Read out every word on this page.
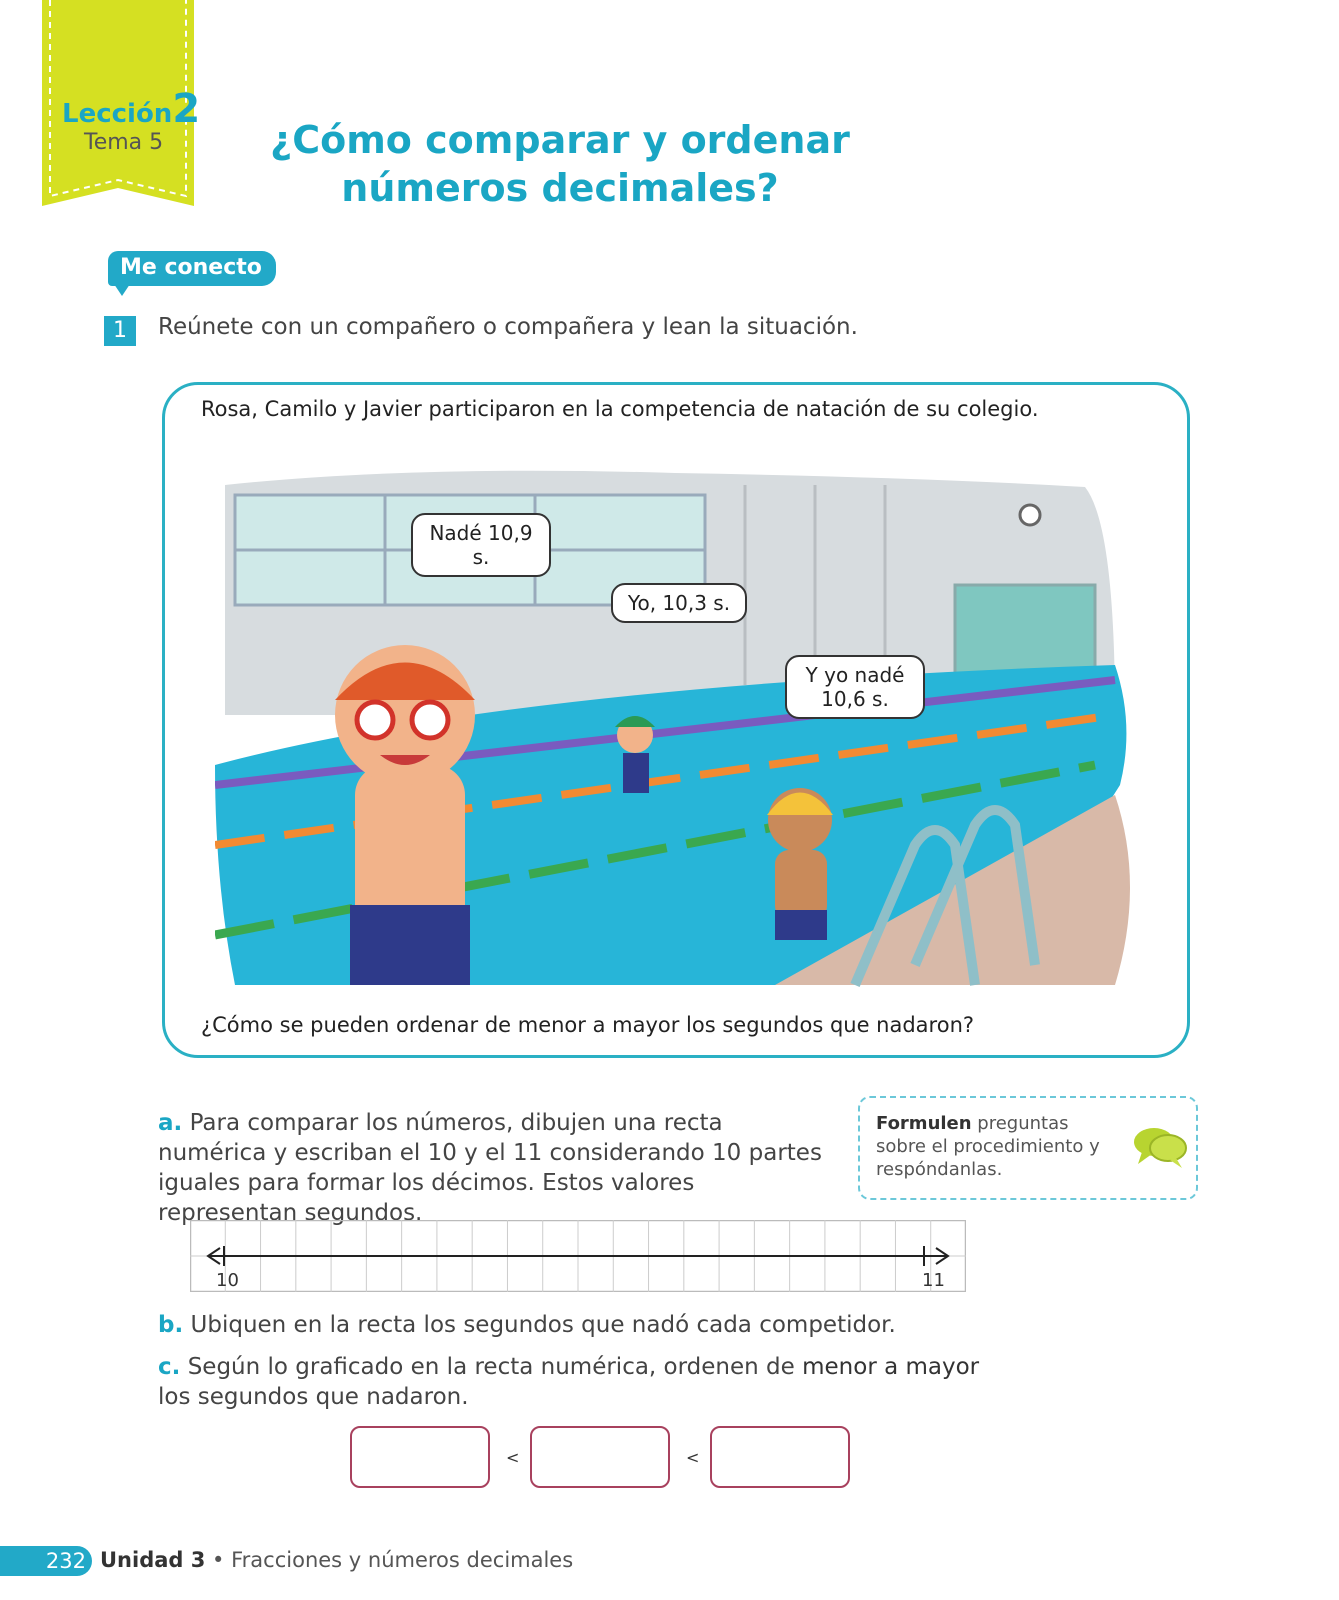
Lección2
Tema 5	¿Cómo comparar y ordenar
números decimales?
Me conecto
1	Reúnete con un compañero o compañera y lean la situación.
Rosa, Camilo y Javier participaron en la competencia de natación de su colegio.
Nadé 10,9 s.
Yo, 10,3 s.
Y yo nadé
10,6 s.
¿Cómo se pueden ordenar de menor a mayor los segundos que nadaron?
a. Para comparar los números, dibujen una recta numérica y escriban el 10 y el 11 considerando 10 partes iguales para formar los décimos. Estos valores representan segundos.
Formulen preguntas sobre el procedimiento y respóndanlas.
10	11
b. Ubiquen en la recta los segundos que nadó cada competidor.
c. Según lo graficado en la recta numérica, ordenen de menor a mayor los segundos que nadaron.
<	<
232 Unidad 3 • Fracciones y números decimales
